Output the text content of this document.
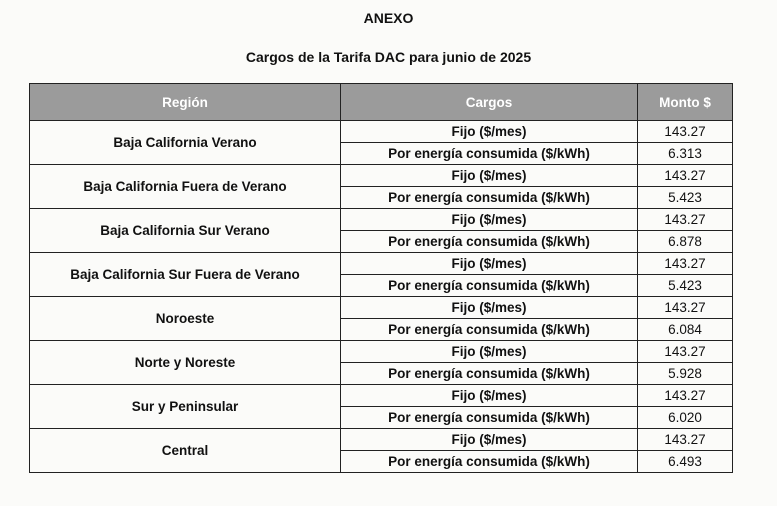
ANEXO
Cargos de la Tarifa DAC para junio de 2025
Región	Cargos	Monto $
Baja California Verano	Fijo ($/mes)	143.27
	Por energía consumida ($/kWh)	6.313
Baja California Fuera de Verano	Fijo ($/mes)	143.27
	Por energía consumida ($/kWh)	5.423
Baja California Sur Verano	Fijo ($/mes)	143.27
	Por energía consumida ($/kWh)	6.878
Baja California Sur Fuera de Verano	Fijo ($/mes)	143.27
	Por energía consumida ($/kWh)	5.423
Noroeste	Fijo ($/mes)	143.27
	Por energía consumida ($/kWh)	6.084
Norte y Noreste	Fijo ($/mes)	143.27
	Por energía consumida ($/kWh)	5.928
Sur y Peninsular	Fijo ($/mes)	143.27
	Por energía consumida ($/kWh)	6.020
Central	Fijo ($/mes)	143.27
	Por energía consumida ($/kWh)	6.493
